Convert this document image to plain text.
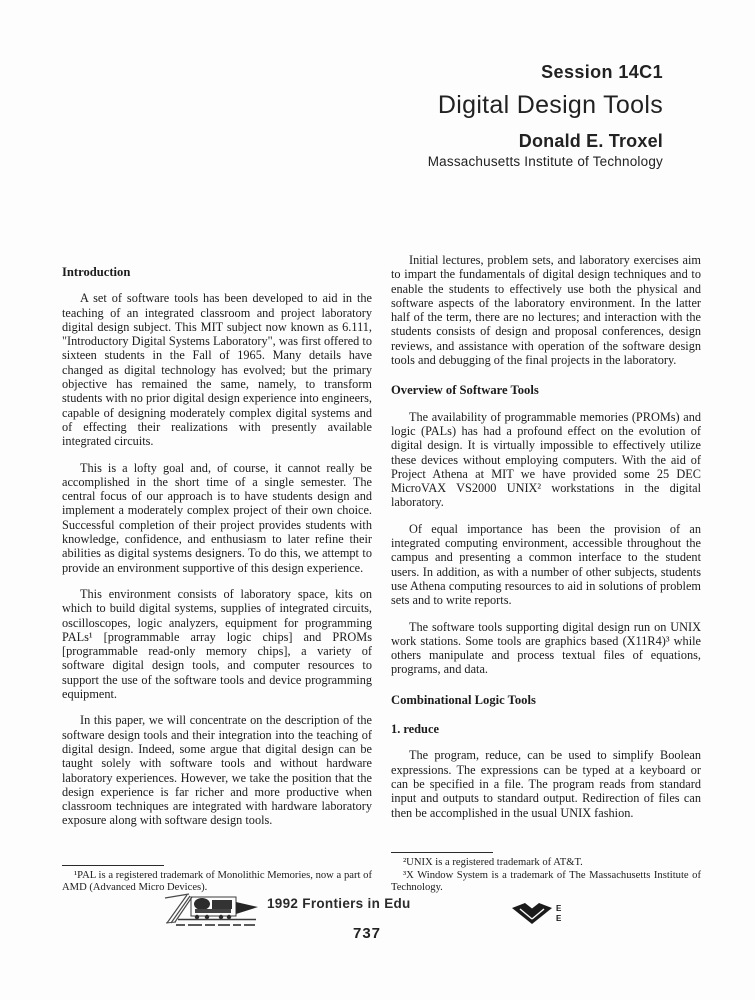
Session 14C1
Digital Design Tools
Donald E. Troxel
Massachusetts Institute of Technology
Introduction

A set of software tools has been developed to aid in the teaching of an integrated classroom and project laboratory digital design subject. This MIT subject now known as 6.111, "Introductory Digital Systems Laboratory", was first offered to sixteen students in the Fall of 1965. Many details have changed as digital technology has evolved; but the primary objective has remained the same, namely, to transform students with no prior digital design experience into engineers, capable of designing moderately complex digital systems and of effecting their realizations with presently available integrated circuits.

This is a lofty goal and, of course, it cannot really be accomplished in the short time of a single semester. The central focus of our approach is to have students design and implement a moderately complex project of their own choice. Successful completion of their project provides students with knowledge, confidence, and enthusiasm to later refine their abilities as digital systems designers. To do this, we attempt to provide an environment supportive of this design experience.

This environment consists of laboratory space, kits on which to build digital systems, supplies of integrated circuits, oscilloscopes, logic analyzers, equipment for programming PALs¹ [programmable array logic chips] and PROMs [programmable read-only memory chips], a variety of software digital design tools, and computer resources to support the use of the software tools and device programming equipment.

In this paper, we will concentrate on the description of the software design tools and their integration into the teaching of digital design. Indeed, some argue that digital design can be taught solely with software tools and without hardware laboratory experiences. However, we take the position that the design experience is far richer and more productive when classroom techniques are integrated with hardware laboratory exposure along with software design tools.

¹PAL is a registered trademark of Monolithic Memories, now a part of AMD (Advanced Micro Devices).

Initial lectures, problem sets, and laboratory exercises aim to impart the fundamentals of digital design techniques and to enable the students to effectively use both the physical and software aspects of the laboratory environment. In the latter half of the term, there are no lectures; and interaction with the students consists of design and proposal conferences, design reviews, and assistance with operation of the software design tools and debugging of the final projects in the laboratory.

Overview of Software Tools

The availability of programmable memories (PROMs) and logic (PALs) has had a profound effect on the evolution of digital design. It is virtually impossible to effectively utilize these devices without employing computers. With the aid of Project Athena at MIT we have provided some 25 DEC MicroVAX VS2000 UNIX² workstations in the digital laboratory.

Of equal importance has been the provision of an integrated computing environment, accessible throughout the campus and presenting a common interface to the student users. In addition, as with a number of other subjects, students use Athena computing resources to aid in solutions of problem sets and to write reports.

The software tools supporting digital design run on UNIX work stations. Some tools are graphics based (X11R4)³ while others manipulate and process textual files of equations, programs, and data.

Combinational Logic Tools
1. reduce

The program, reduce, can be used to simplify Boolean expressions. The expressions can be typed at a keyboard or can be specified in a file. The program reads from standard input and outputs to standard output. Redirection of files can then be accomplished in the usual UNIX fashion.

²UNIX is a registered trademark of AT&T.

³X Window System is a trademark of The Massachusetts Institute of Technology.

1992 Frontiers in Edu	E
E
737
